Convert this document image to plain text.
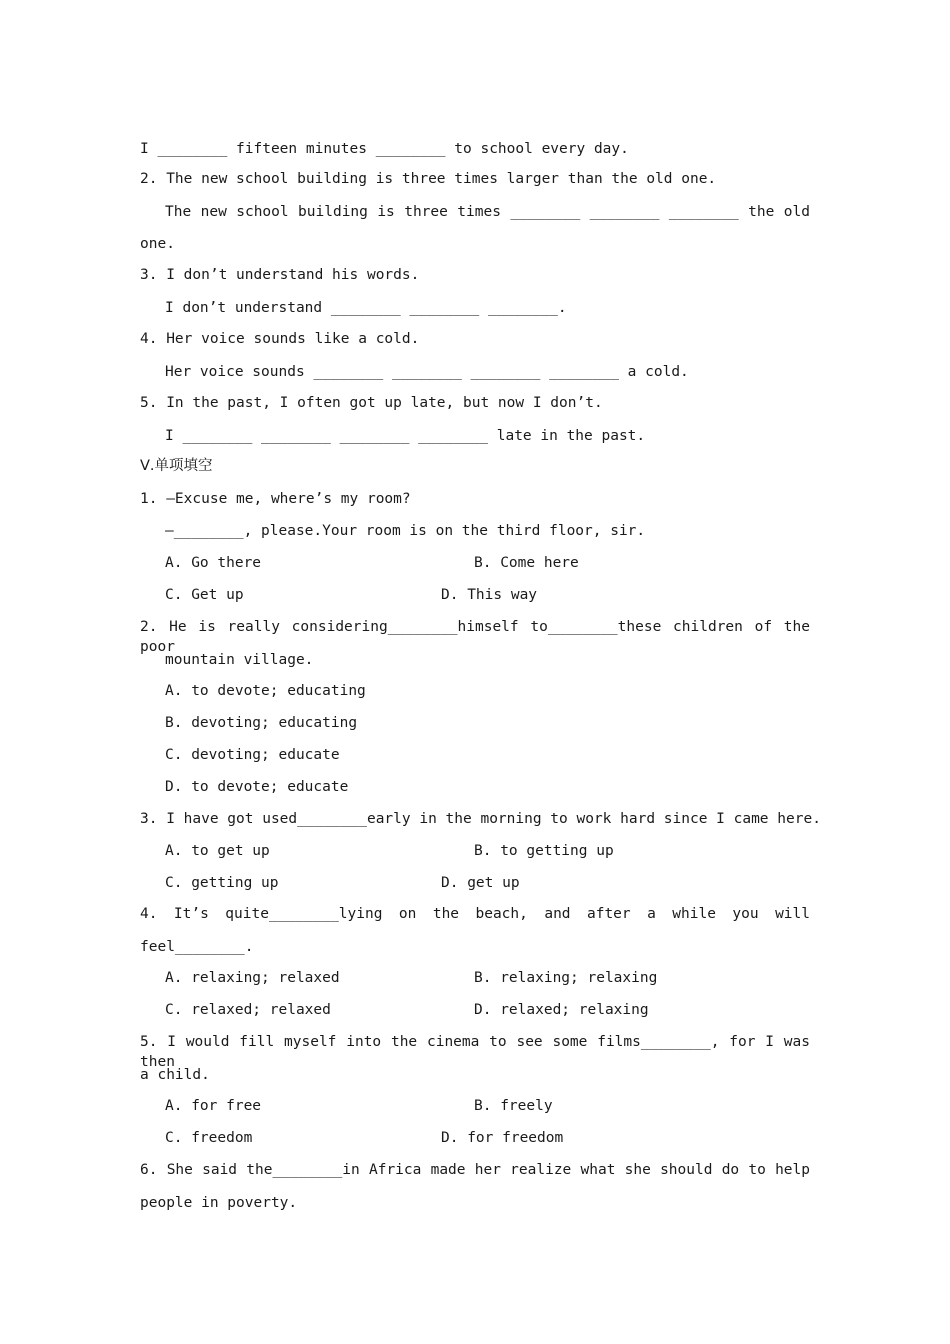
I ________ fifteen minutes ________ to school every day.
2. The new school building is three times larger than the old one.
The new school building is three times ________ ________ ________ the old
one.
3. I don’t understand his words.
I don’t understand ________ ________ ________.
4. Her voice sounds like a cold.
Her voice sounds ________ ________ ________ ________ a cold.
5. In the past, I often got up late, but now I don’t.
I ________ ________ ________ ________ late in the past.
Ⅴ.单项填空
1. —Excuse me, where’s my room?
—________, please.Your room is on the third floor, sir.
A. Go there	B. Come here
C. Get up	D. This way
2. He is really considering________himself to________these children of the poor
mountain village.
A. to devote; educating
B. devoting; educating
C. devoting; educate
D. to devote; educate
3. I have got used________early in the morning to work hard since I came here.
A. to get up	B. to getting up
C. getting up	D. get up
4. It’s quite________lying on the beach, and after a while you will
feel________.
A. relaxing; relaxed	B. relaxing; relaxing
C. relaxed; relaxed	D. relaxed; relaxing
5. I would fill myself into the cinema to see some films________, for I was then
a child.
A. for free	B. freely
C. freedom	D. for freedom
6. She said the________in Africa made her realize what she should do to help
people in poverty.
